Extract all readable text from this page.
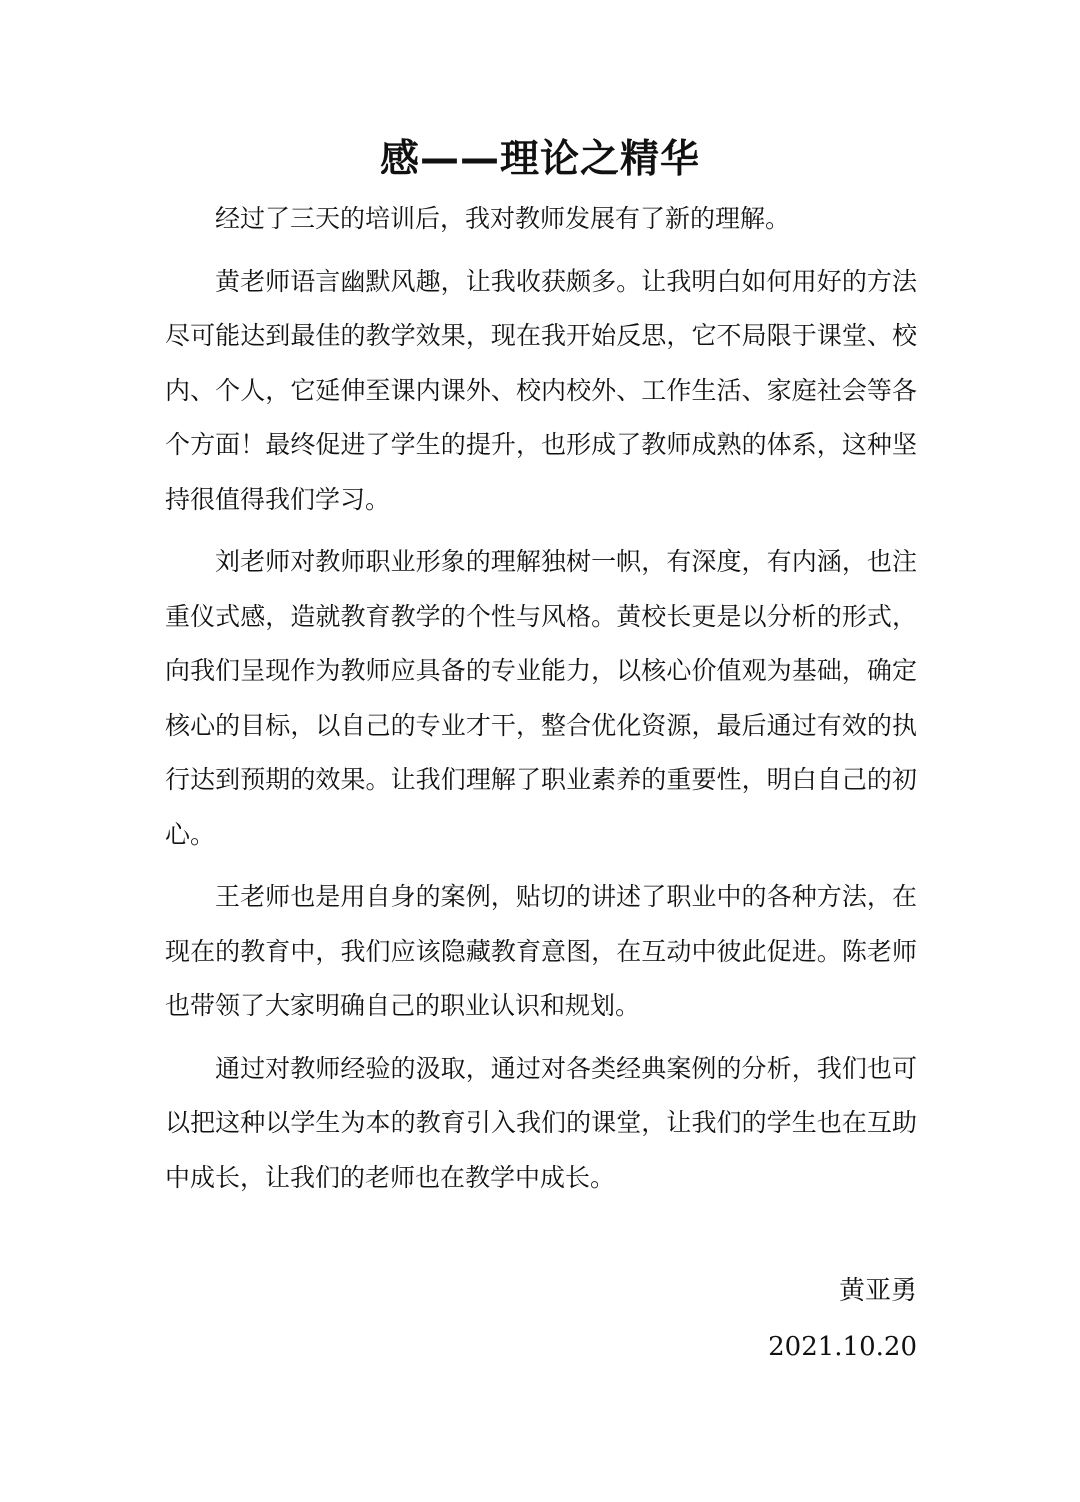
感——理论之精华

经过了三天的培训后，我对教师发展有了新的理解。

黄老师语言幽默风趣，让我收获颇多。让我明白如何用好的方法尽可能达到最佳的教学效果，现在我开始反思，它不局限于课堂、校内、个人，它延伸至课内课外、校内校外、工作生活、家庭社会等各个方面！最终促进了学生的提升，也形成了教师成熟的体系，这种坚持很值得我们学习。

刘老师对教师职业形象的理解独树一帜，有深度，有内涵，也注重仪式感，造就教育教学的个性与风格。黄校长更是以分析的形式，向我们呈现作为教师应具备的专业能力，以核心价值观为基础，确定核心的目标，以自己的专业才干，整合优化资源，最后通过有效的执行达到预期的效果。让我们理解了职业素养的重要性，明白自己的初心。

王老师也是用自身的案例，贴切的讲述了职业中的各种方法，在现在的教育中，我们应该隐藏教育意图，在互动中彼此促进。陈老师也带领了大家明确自己的职业认识和规划。

通过对教师经验的汲取，通过对各类经典案例的分析，我们也可以把这种以学生为本的教育引入我们的课堂，让我们的学生也在互助中成长，让我们的老师也在教学中成长。

黄亚勇
2021.10.20
